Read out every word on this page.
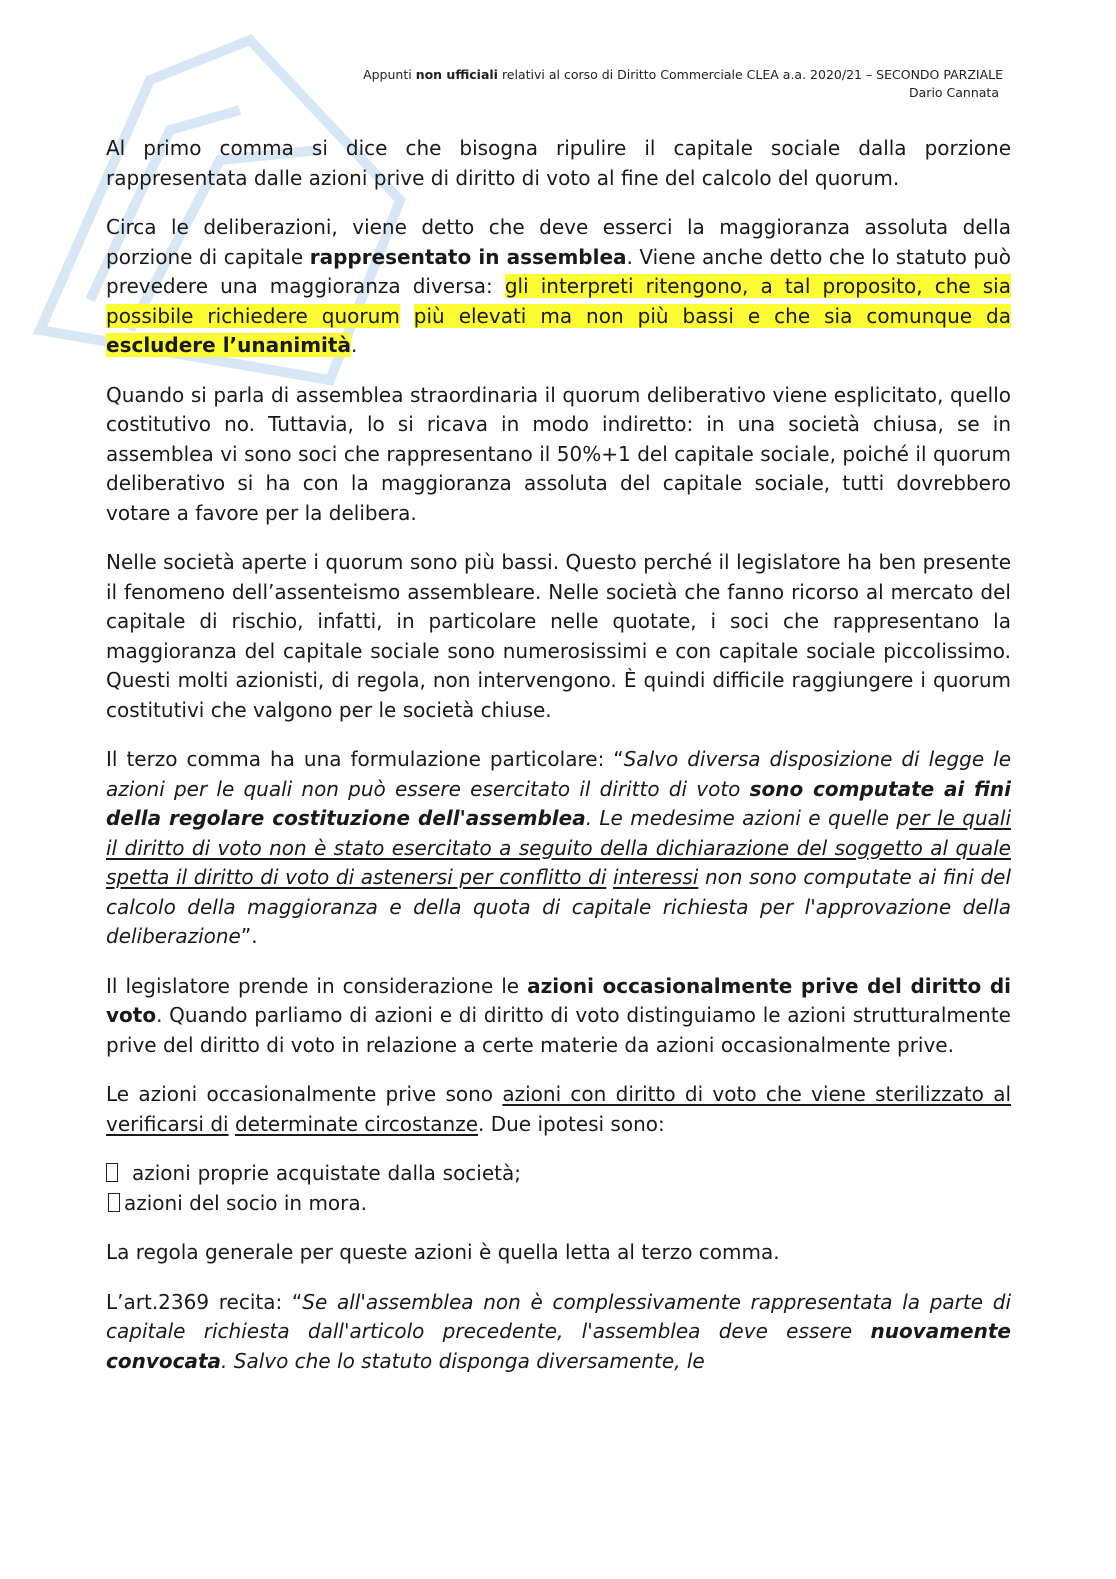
Appunti non ufficiali relativi al corso di Diritto Commerciale CLEA a.a. 2020/21 – SECONDO PARZIALE
Dario Cannata

Al primo comma si dice che bisogna ripulire il capitale sociale dalla porzione rappresentata dalle azioni prive di diritto di voto al fine del calcolo del quorum.

Circa le deliberazioni, viene detto che deve esserci la maggioranza assoluta della porzione di capitale rappresentato in assemblea. Viene anche detto che lo statuto può prevedere una maggioranza diversa: gli interpreti ritengono, a tal proposito, che sia possibile richiedere quorum più elevati ma non più bassi e che sia comunque da escludere l’unanimità.

Quando si parla di assemblea straordinaria il quorum deliberativo viene esplicitato, quello costitutivo no. Tuttavia, lo si ricava in modo indiretto: in una società chiusa, se in assemblea vi sono soci che rappresentano il 50%+1 del capitale sociale, poiché il quorum deliberativo si ha con la maggioranza assoluta del capitale sociale, tutti dovrebbero votare a favore per la delibera.

Nelle società aperte i quorum sono più bassi. Questo perché il legislatore ha ben presente il fenomeno dell’assenteismo assembleare. Nelle società che fanno ricorso al mercato del capitale di rischio, infatti, in particolare nelle quotate, i soci che rappresentano la maggioranza del capitale sociale sono numerosissimi e con capitale sociale piccolissimo. Questi molti azionisti, di regola, non intervengono. È quindi difficile raggiungere i quorum costitutivi che valgono per le società chiuse.

Il terzo comma ha una formulazione particolare: “Salvo diversa disposizione di legge le azioni per le quali non può essere esercitato il diritto di voto sono computate ai fini della regolare costituzione dell'assemblea. Le medesime azioni e quelle per le quali il diritto di voto non è stato esercitato a seguito della dichiarazione del soggetto al quale spetta il diritto di voto di astenersi per conflitto di interessi non sono computate ai fini del calcolo della maggioranza e della quota di capitale richiesta per l'approvazione della deliberazione”.

Il legislatore prende in considerazione le azioni occasionalmente prive del diritto di voto. Quando parliamo di azioni e di diritto di voto distinguiamo le azioni strutturalmente prive del diritto di voto in relazione a certe materie da azioni occasionalmente prive.

Le azioni occasionalmente prive sono azioni con diritto di voto che viene sterilizzato al verificarsi di determinate circostanze. Due ipotesi sono:

azioni proprie acquistate dalla società; azioni del socio in mora.

La regola generale per queste azioni è quella letta al terzo comma.

L’art.2369 recita: “Se all'assemblea non è complessivamente rappresentata la parte di capitale richiesta dall'articolo precedente, l'assemblea deve essere nuovamente convocata. Salvo che lo statuto disponga diversamente, le
